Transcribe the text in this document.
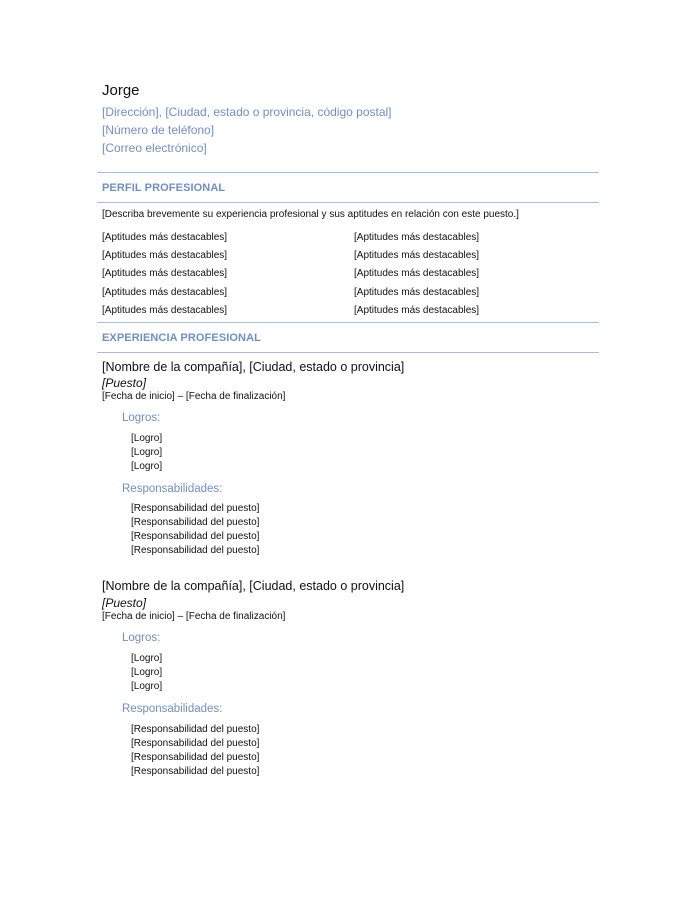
Jorge
[Dirección], [Ciudad, estado o provincia, código postal]
[Número de teléfono]
[Correo electrónico]
PERFIL PROFESIONAL
[Describa brevemente su experiencia profesional y sus aptitudes en relación con este puesto.]
[Aptitudes más destacables]
[Aptitudes más destacables]
[Aptitudes más destacables]
[Aptitudes más destacables]
[Aptitudes más destacables]
[Aptitudes más destacables]
[Aptitudes más destacables]
[Aptitudes más destacables]
[Aptitudes más destacables]
[Aptitudes más destacables]
EXPERIENCIA PROFESIONAL
[Nombre de la compañía], [Ciudad, estado o provincia]
[Puesto]
[Fecha de inicio] – [Fecha de finalización]
Logros:
[Logro]
[Logro]
[Logro]
Responsabilidades:
[Responsabilidad del puesto]
[Responsabilidad del puesto]
[Responsabilidad del puesto]
[Responsabilidad del puesto]
[Nombre de la compañía], [Ciudad, estado o provincia]
[Puesto]
[Fecha de inicio] – [Fecha de finalización]
Logros:
[Logro]
[Logro]
[Logro]
Responsabilidades:
[Responsabilidad del puesto]
[Responsabilidad del puesto]
[Responsabilidad del puesto]
[Responsabilidad del puesto]
